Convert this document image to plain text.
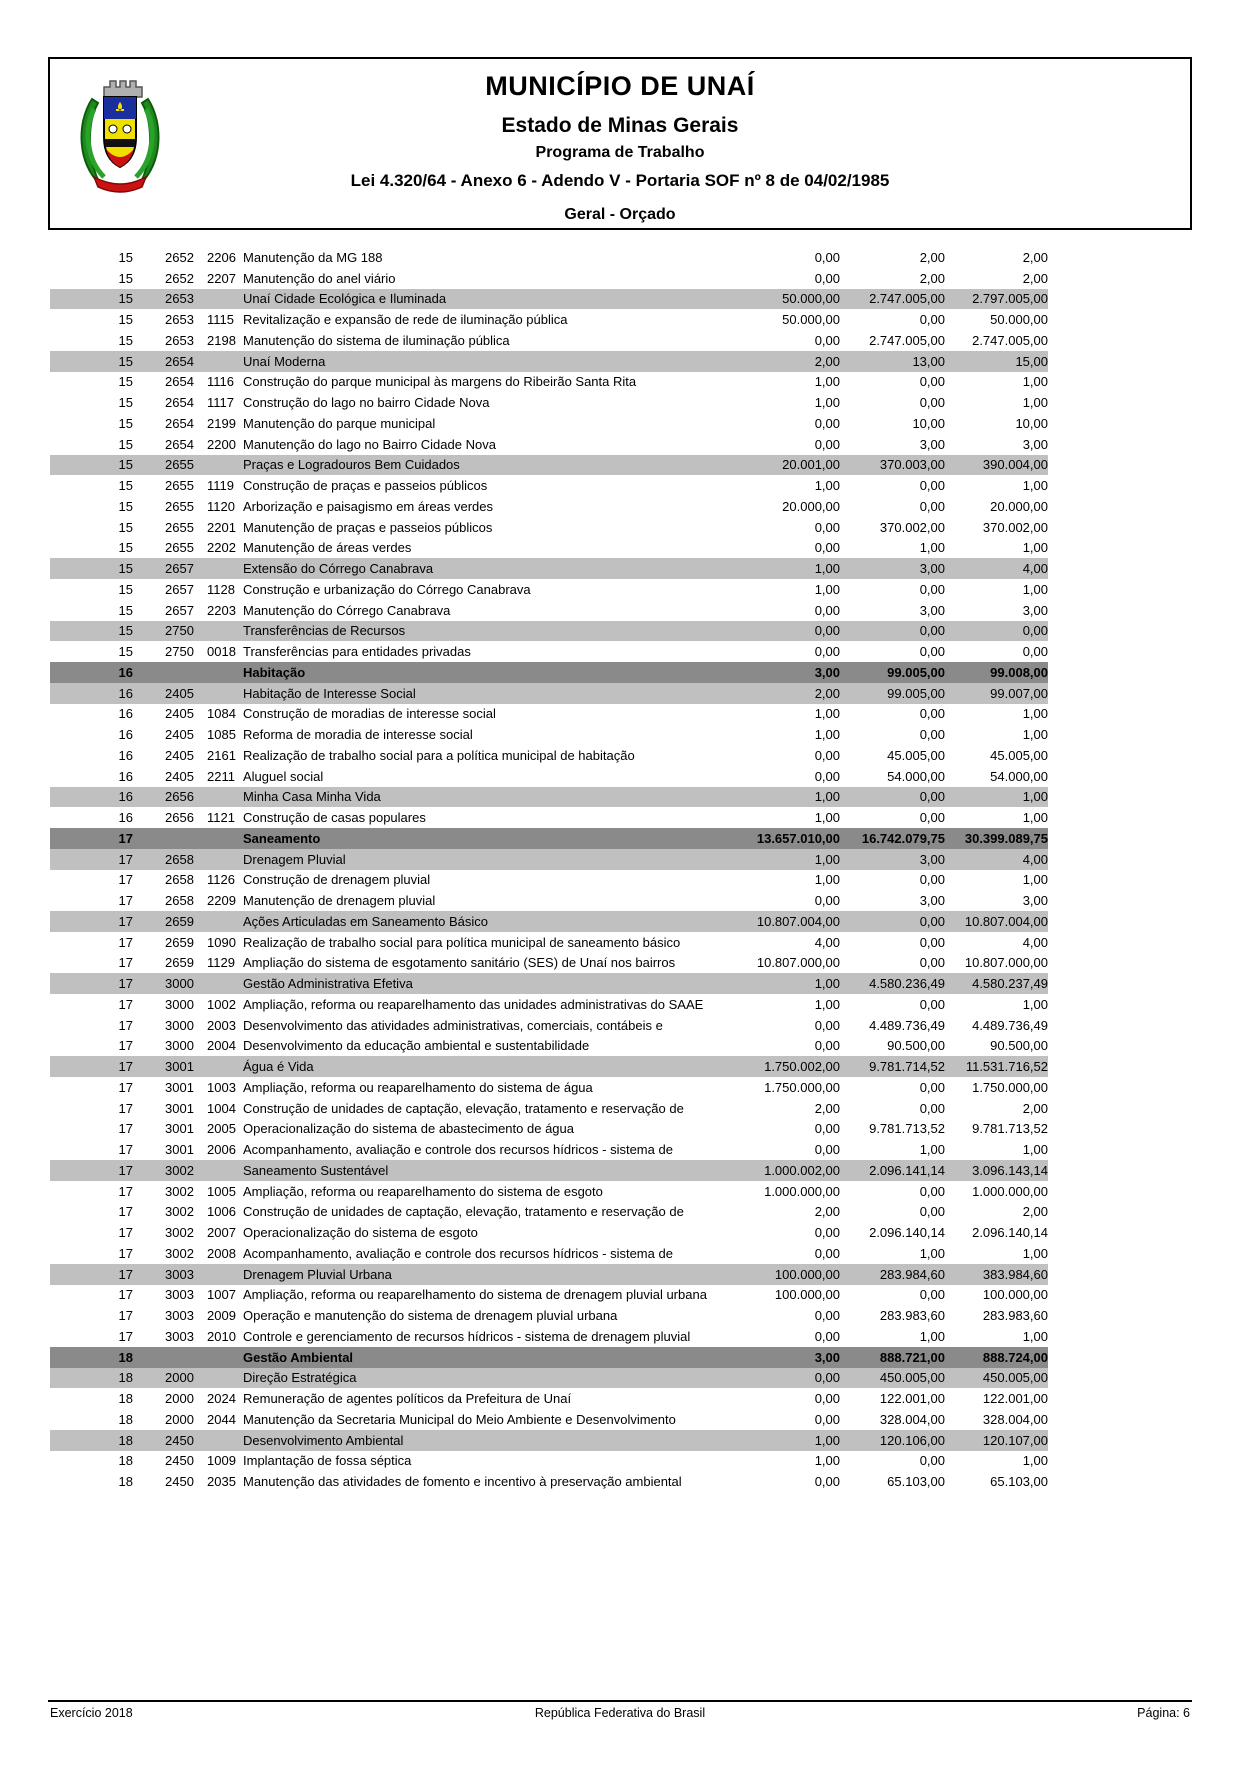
MUNICÍPIO DE UNAÍ
Estado de Minas Gerais
Programa de Trabalho
Lei 4.320/64 - Anexo 6 - Adendo V - Portaria SOF nº 8 de 04/02/1985
Geral - Orçado
15 2652	2206 Manutenção da MG 188	0,00	2,00	2,00
15 2652	2207 Manutenção do anel viário	0,00	2,00	2,00
15 2653	Unaí Cidade Ecológica e Iluminada	50.000,00	2.747.005,00	2.797.005,00
15 2653	1115 Revitalização e expansão de rede de iluminação pública	50.000,00	0,00	50.000,00
15 2653	2198 Manutenção do sistema de iluminação pública	0,00	2.747.005,00	2.747.005,00
15 2654	Unaí Moderna	2,00	13,00	15,00
15 2654	1116 Construção do parque municipal às margens do Ribeirão Santa Rita	1,00	0,00	1,00
15 2654	1117 Construção do lago no bairro Cidade Nova	1,00	0,00	1,00
15 2654	2199 Manutenção do parque municipal	0,00	10,00	10,00
15 2654	2200 Manutenção do lago no Bairro Cidade Nova	0,00	3,00	3,00
15 2655	Praças e Logradouros Bem Cuidados	20.001,00	370.003,00	390.004,00
15 2655	1119 Construção de praças e passeios públicos	1,00	0,00	1,00
15 2655	1120 Arborização e paisagismo em áreas verdes	20.000,00	0,00	20.000,00
15 2655	2201 Manutenção de praças e passeios públicos	0,00	370.002,00	370.002,00
15 2655	2202 Manutenção de áreas verdes	0,00	1,00	1,00
15 2657	Extensão do Córrego Canabrava	1,00	3,00	4,00
15 2657	1128 Construção e urbanização do Córrego Canabrava	1,00	0,00	1,00
15 2657	2203 Manutenção do Córrego Canabrava	0,00	3,00	3,00
15 2750	Transferências de Recursos	0,00	0,00	0,00
15 2750	0018 Transferências para entidades privadas	0,00	0,00	0,00
16	Habitação	3,00	99.005,00	99.008,00
16 2405	Habitação de Interesse Social	2,00	99.005,00	99.007,00
16 2405	1084 Construção de moradias de interesse social	1,00	0,00	1,00
16 2405	1085 Reforma de moradia de interesse social	1,00	0,00	1,00
16 2405	2161 Realização de trabalho social para a política municipal de habitação	0,00	45.005,00	45.005,00
16 2405	2211 Aluguel social	0,00	54.000,00	54.000,00
16 2656	Minha Casa Minha Vida	1,00	0,00	1,00
16 2656	1121 Construção de casas populares	1,00	0,00	1,00
17	Saneamento	13.657.010,00	16.742.079,75	30.399.089,75
17 2658	Drenagem Pluvial	1,00	3,00	4,00
17 2658	1126 Construção de drenagem pluvial	1,00	0,00	1,00
17 2658	2209 Manutenção de drenagem pluvial	0,00	3,00	3,00
17 2659	Ações Articuladas em Saneamento Básico	10.807.004,00	0,00	10.807.004,00
17 2659	1090 Realização de trabalho social para política municipal de saneamento básico	4,00	0,00	4,00
17 2659	1129 Ampliação do sistema de esgotamento sanitário (SES) de Unaí nos bairros	10.807.000,00	0,00	10.807.000,00
17 3000	Gestão Administrativa Efetiva	1,00	4.580.236,49	4.580.237,49
17 3000	1002 Ampliação, reforma ou reaparelhamento das unidades administrativas do SAAE	1,00	0,00	1,00
17 3000	2003 Desenvolvimento das atividades administrativas, comerciais, contábeis e	0,00	4.489.736,49	4.489.736,49
17 3000	2004 Desenvolvimento da educação ambiental e sustentabilidade	0,00	90.500,00	90.500,00
17 3001	Água é Vida	1.750.002,00	9.781.714,52	11.531.716,52
17 3001	1003 Ampliação, reforma ou reaparelhamento do sistema de água	1.750.000,00	0,00	1.750.000,00
17 3001	1004 Construção de unidades de captação, elevação, tratamento e reservação de	2,00	0,00	2,00
17 3001	2005 Operacionalização do sistema de abastecimento de água	0,00	9.781.713,52	9.781.713,52
17 3001	2006 Acompanhamento, avaliação e controle dos recursos hídricos - sistema de	0,00	1,00	1,00
17 3002	Saneamento Sustentável	1.000.002,00	2.096.141,14	3.096.143,14
17 3002	1005 Ampliação, reforma ou reaparelhamento do sistema de esgoto	1.000.000,00	0,00	1.000.000,00
17 3002	1006 Construção de unidades de captação, elevação, tratamento e reservação de	2,00	0,00	2,00
17 3002	2007 Operacionalização do sistema de esgoto	0,00	2.096.140,14	2.096.140,14
17 3002	2008 Acompanhamento, avaliação e controle dos recursos hídricos - sistema de	0,00	1,00	1,00
17 3003	Drenagem Pluvial Urbana	100.000,00	283.984,60	383.984,60
17 3003	1007 Ampliação, reforma ou reaparelhamento do sistema de drenagem pluvial urbana	100.000,00	0,00	100.000,00
17 3003	2009 Operação e manutenção do sistema de drenagem pluvial urbana	0,00	283.983,60	283.983,60
17 3003	2010 Controle e gerenciamento de recursos hídricos - sistema de drenagem pluvial	0,00	1,00	1,00
18	Gestão Ambiental	3,00	888.721,00	888.724,00
18 2000	Direção Estratégica	0,00	450.005,00	450.005,00
18 2000	2024 Remuneração de agentes políticos da Prefeitura de Unaí	0,00	122.001,00	122.001,00
18 2000	2044 Manutenção da Secretaria Municipal do Meio Ambiente e Desenvolvimento	0,00	328.004,00	328.004,00
18 2450	Desenvolvimento Ambiental	1,00	120.106,00	120.107,00
18 2450	1009 Implantação de fossa séptica	1,00	0,00	1,00
18 2450	2035 Manutenção das atividades de fomento e incentivo à preservação ambiental	0,00	65.103,00	65.103,00
Exercício 2018	República Federativa do Brasil	Página: 6
